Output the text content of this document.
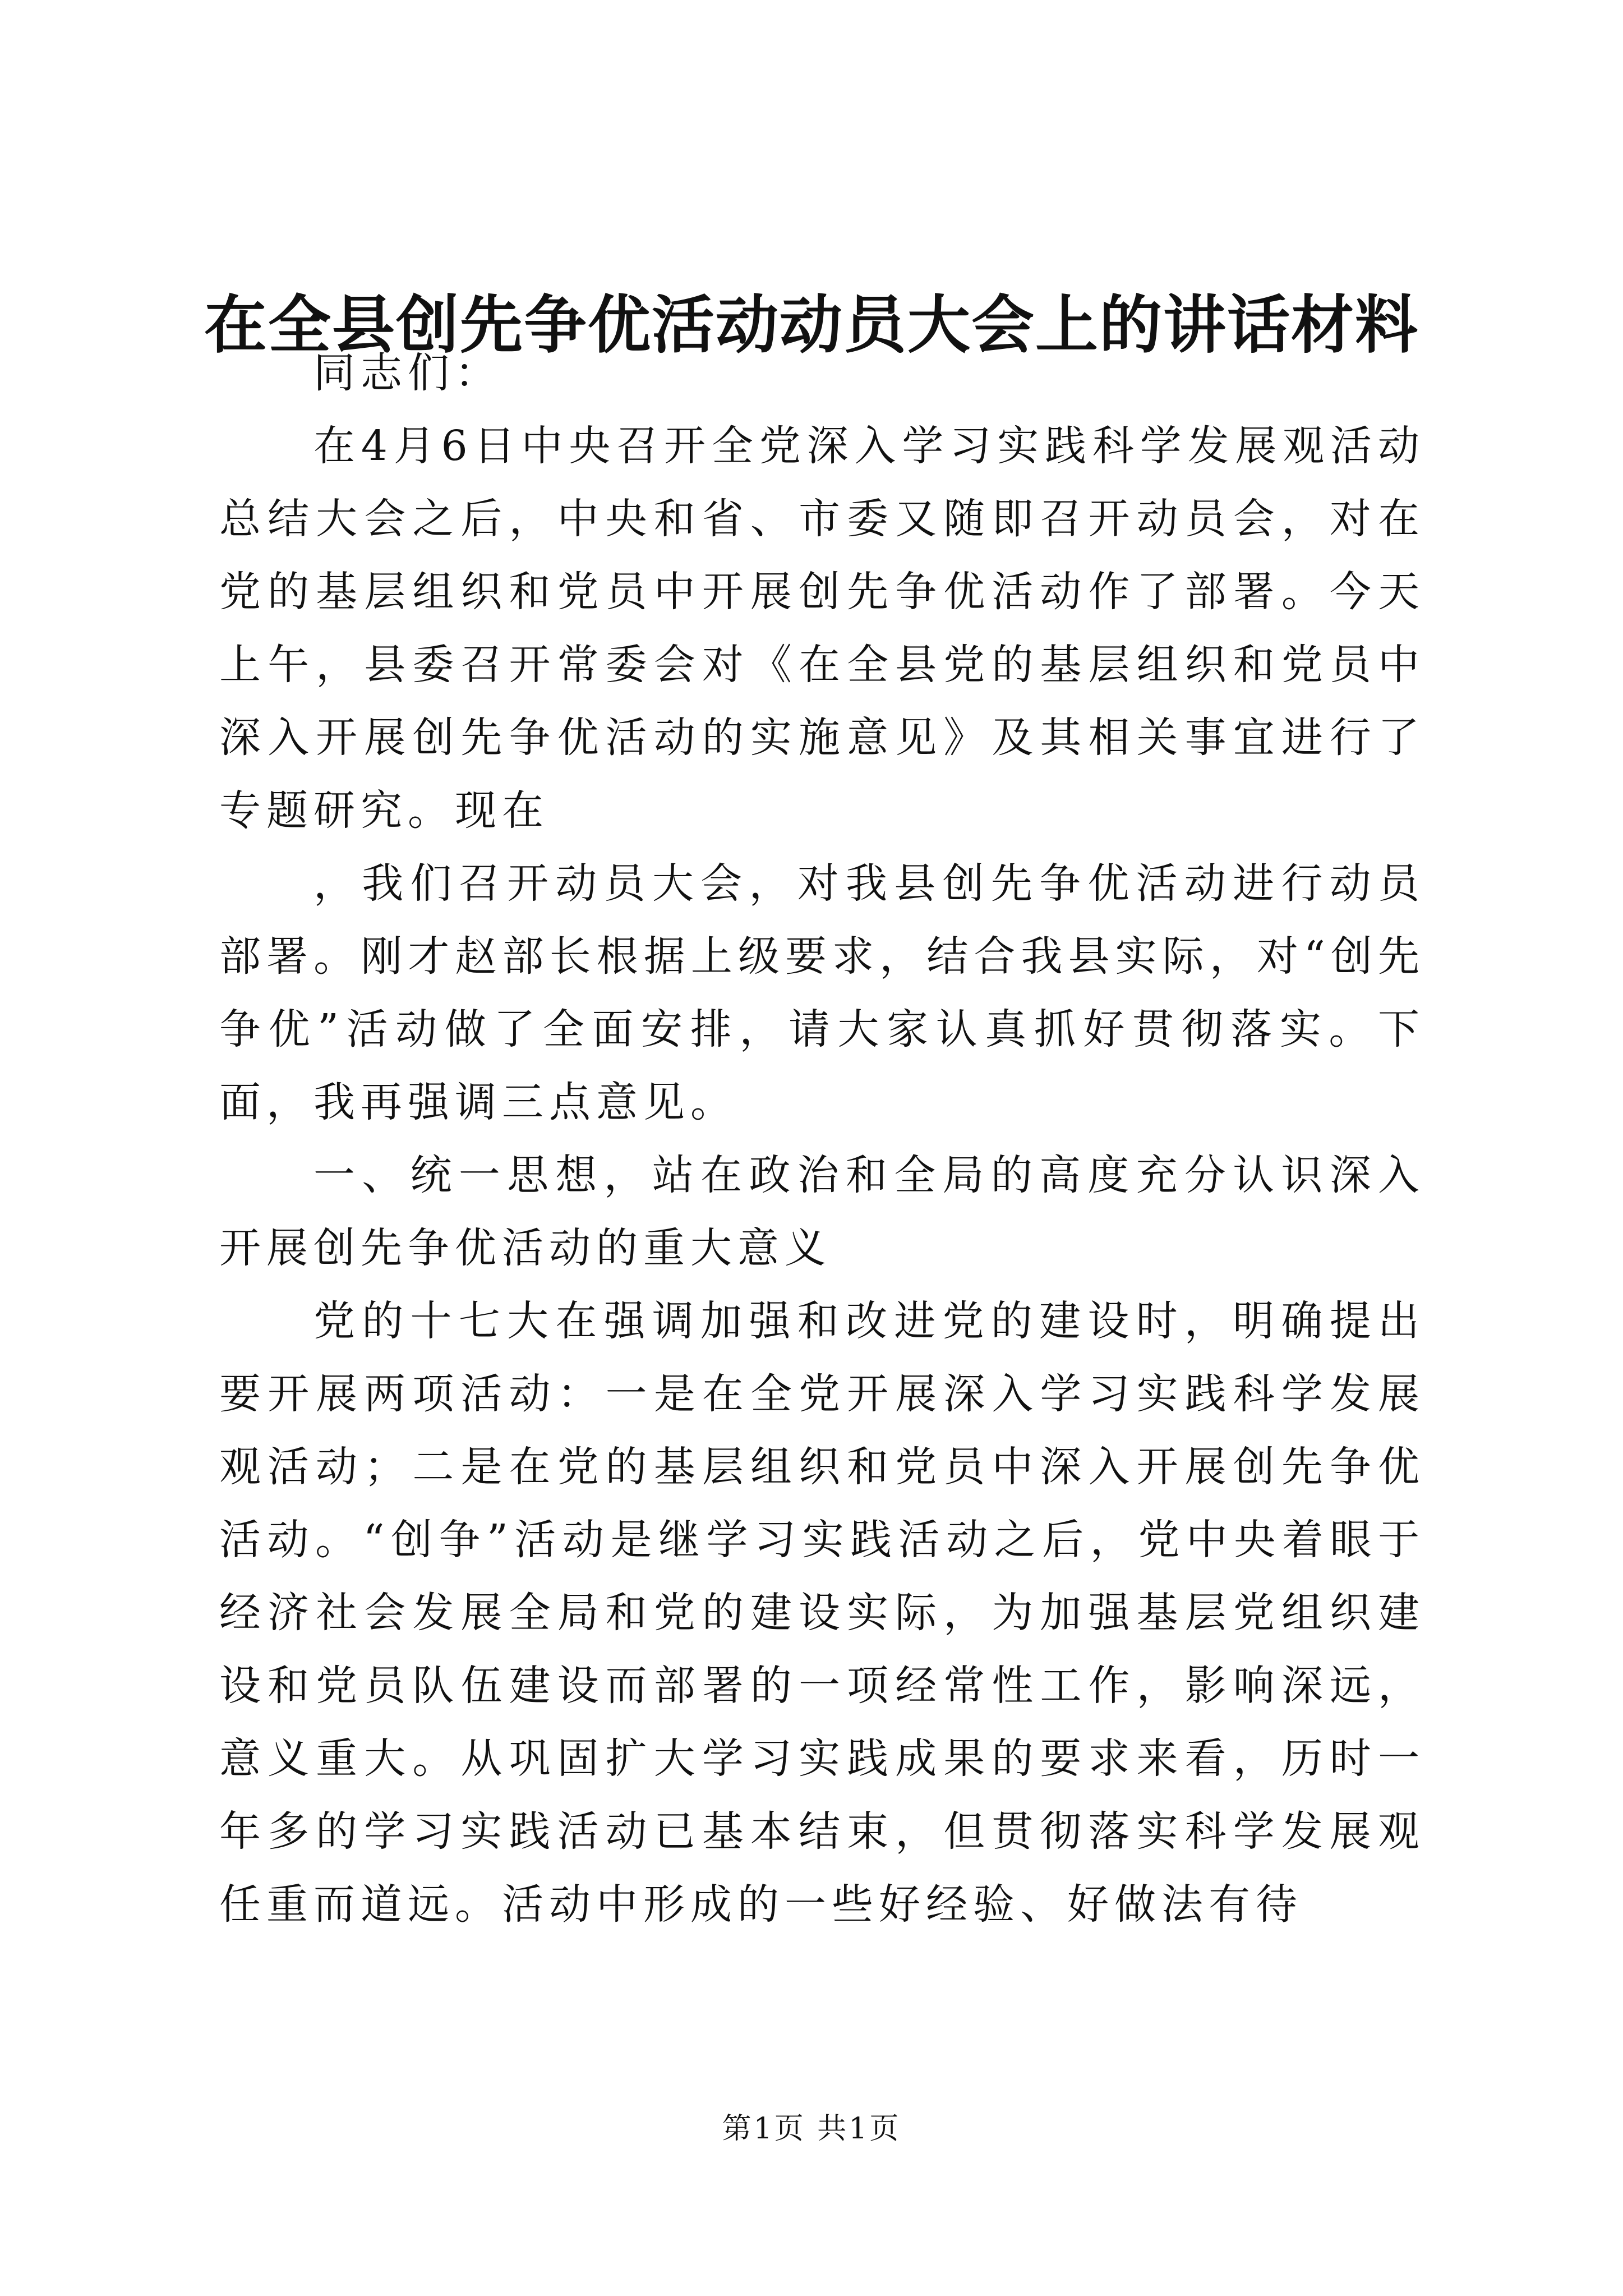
在全县创先争优活动动员大会上的讲话材料

同志们：

在4月6日中央召开全党深入学习实践科学发展观活动总结大会之后，中央和省、市委又随即召开动员会，对在党的基层组织和党员中开展创先争优活动作了部署。今天上午，县委召开常委会对《在全县党的基层组织和党员中深入开展创先争优活动的实施意见》及其相关事宜进行了专题研究。现在

，我们召开动员大会，对我县创先争优活动进行动员部署。刚才赵部长根据上级要求，结合我县实际，对“创先争优”活动做了全面安排，请大家认真抓好贯彻落实。下面，我再强调三点意见。

一、统一思想，站在政治和全局的高度充分认识深入开展创先争优活动的重大意义

党的十七大在强调加强和改进党的建设时，明确提出要开展两项活动：一是在全党开展深入学习实践科学发展观活动；二是在党的基层组织和党员中深入开展创先争优活动。“创争”活动是继学习实践活动之后，党中央着眼于经济社会发展全局和党的建设实际，为加强基层党组织建设和党员队伍建设而部署的一项经常性工作，影响深远，意义重大。从巩固扩大学习实践成果的要求来看，历时一年多的学习实践活动已基本结束，但贯彻落实科学发展观任重而道远。活动中形成的一些好经验、好做法有待

第1页 共1页
